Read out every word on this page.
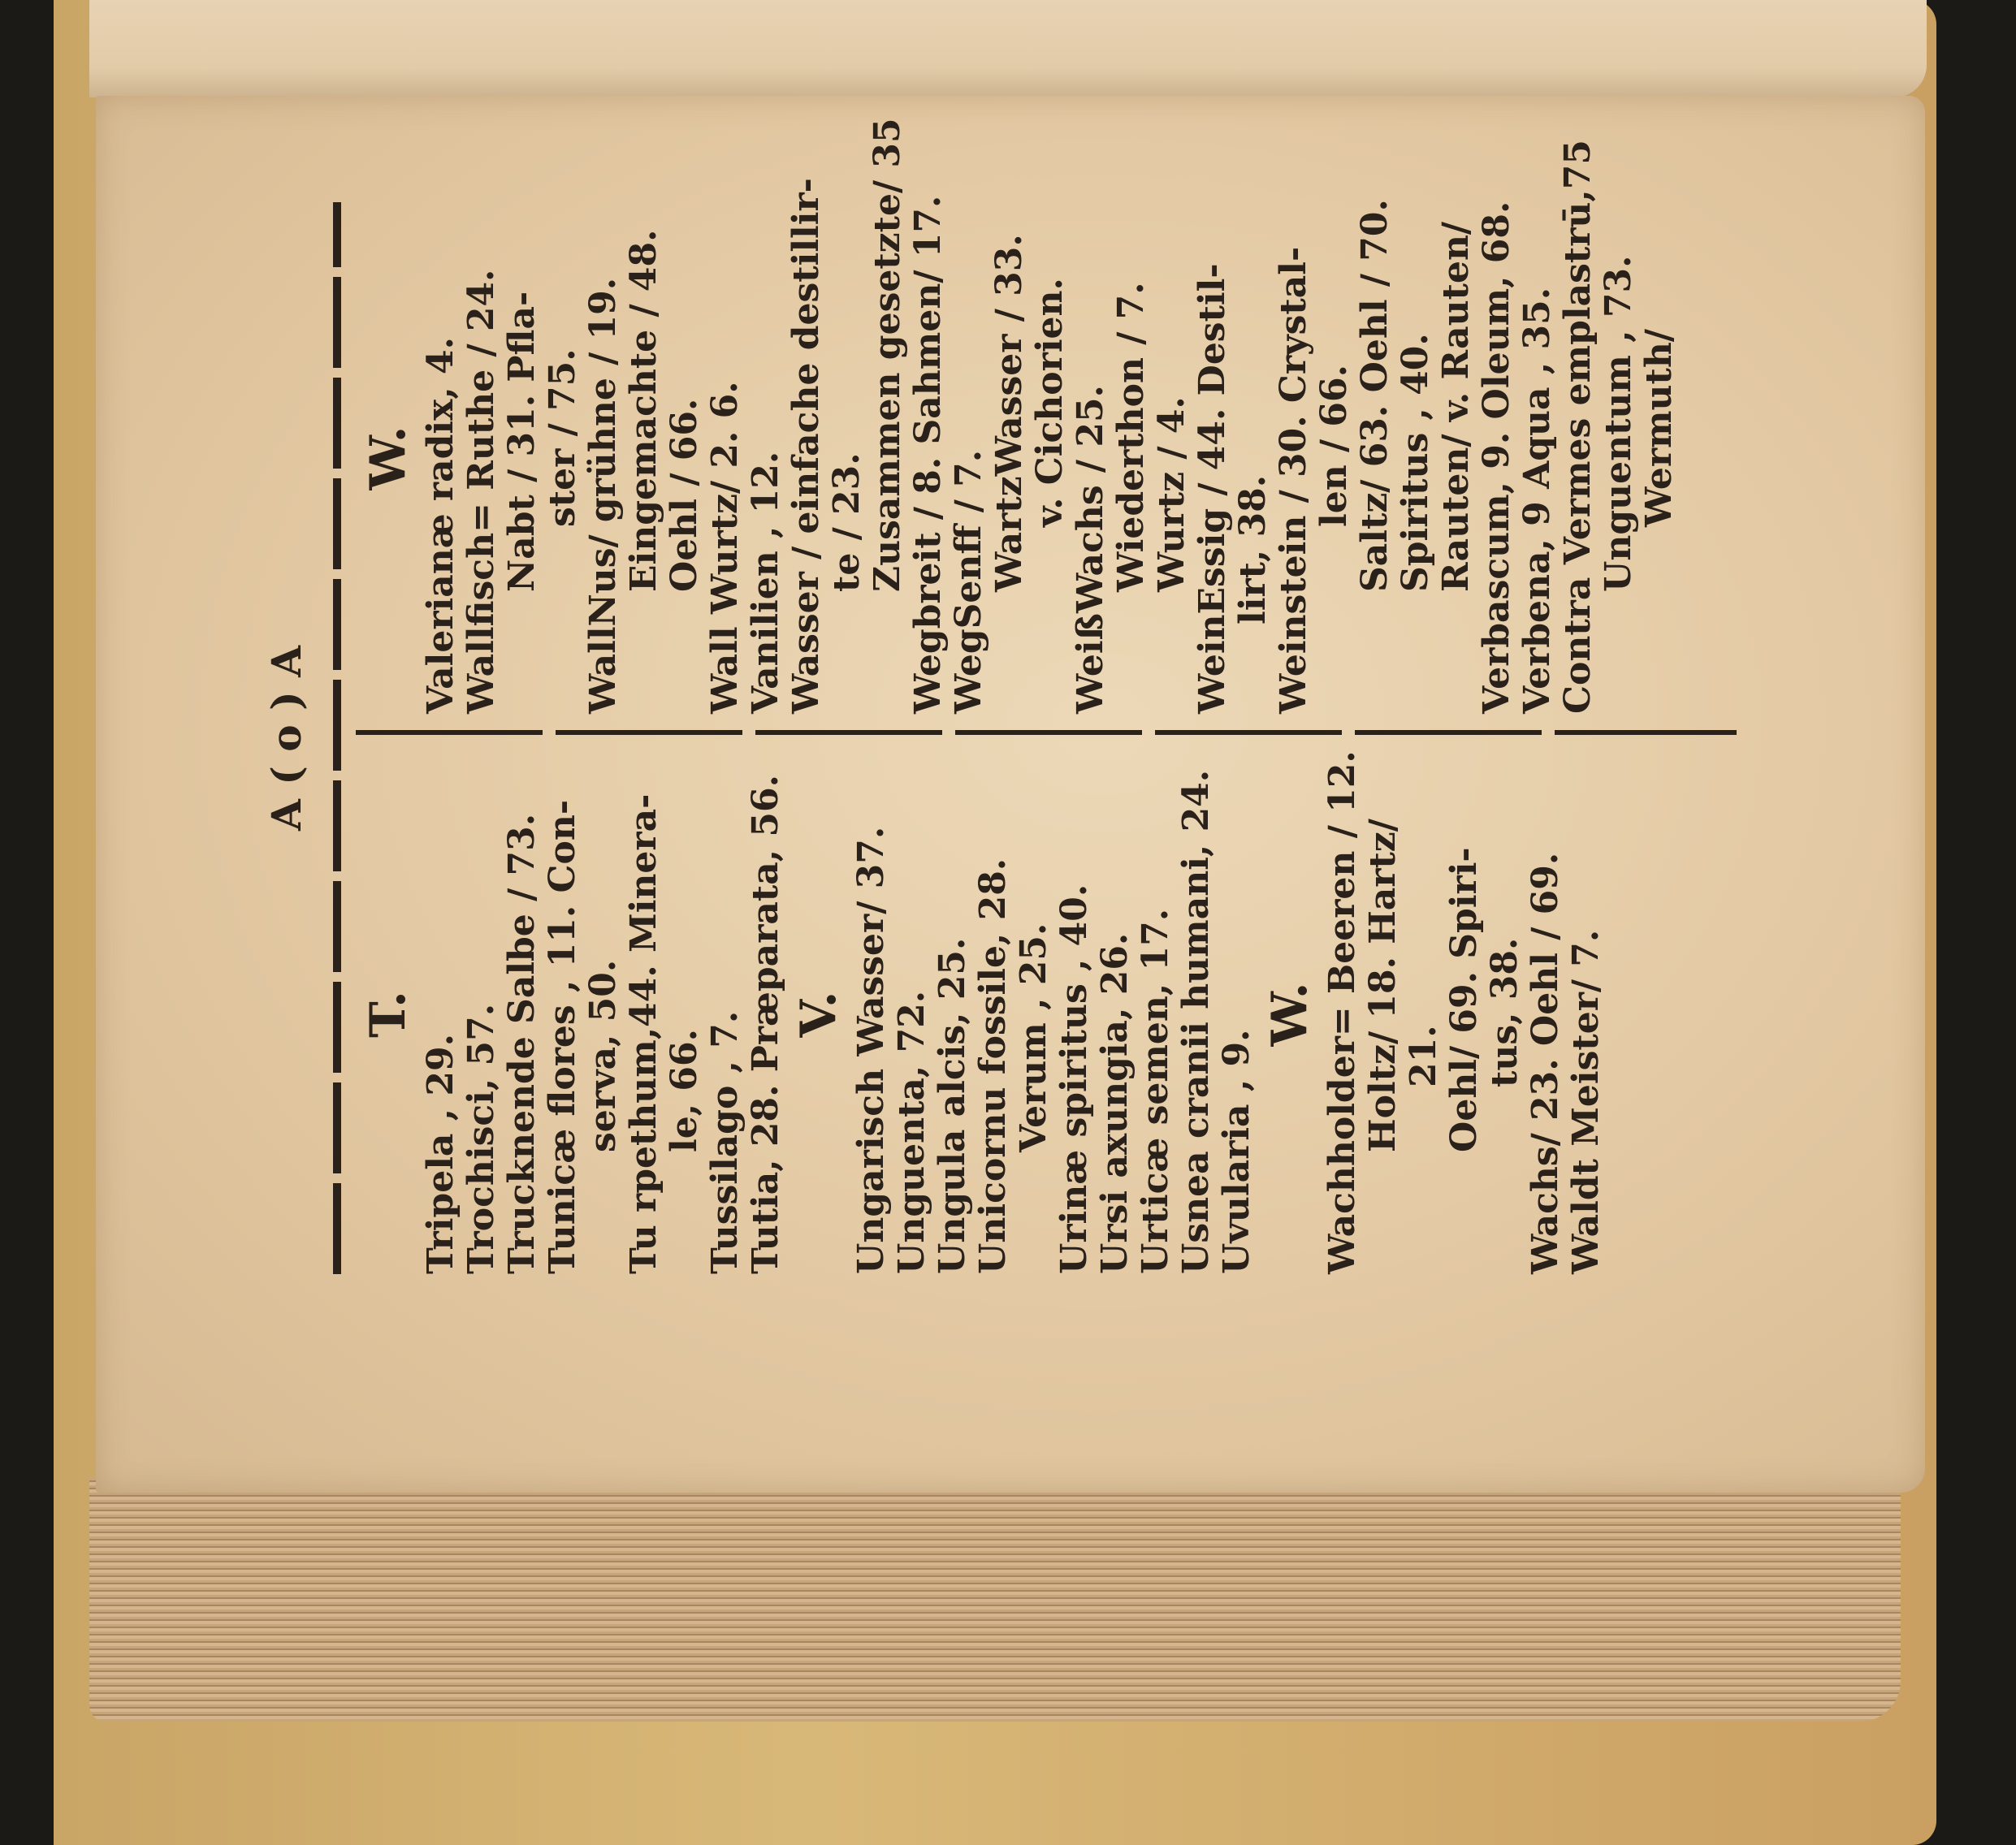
A ( o ) A
T.
Tripela , 29. Trochisci, 57. Trucknende Salbe / 73. Tunicæ flores , 11. Con- serva, 50. Tu rpethum,44. Minera- le, 66. Tussilago , 7. Tutia, 28. Præparata, 56. V. Ungarisch Wasser/ 37. Unguenta, 72. Ungula alcis, 25. Unicornu fossile, 28. Verum , 25. Urinæ spiritus , 40. Ursi axungia, 26. Urticæ semen, 17. Usnea cranii humani, 24. Uvularia , 9.
W. Wachholder= Beeren / 12. Holtz/ 18. Hartz/ 21. Oehl/ 69. Spiri- tus, 38. Wachs/ 23. Oehl / 69. Waldt Meister/ 7.
W. Valerianæ radix, 4. Wallfisch= Ruthe / 24. Nabt / 31. Pfla- ster / 75. WallNus/ grühne / 19. Eingemachte / 48. Oehl / 66. Wall Wurtz/ 2. 6. Vanilien , 12. Wasser / einfache destillir- te / 23. Zusammen gesetzte/ 35 Wegbreit / 8. Sahmen/ 17. WegSenff / 7. WartzWasser / 33. v. Cichorien. WeißWachs / 25. Wiederthon / 7. Wurtz / 4. WeinEssig / 44. Destil- lirt, 38. Weinstein / 30. Crystal- len / 66. Saltz/ 63. Oehl / 70. Spiritus , 40. Rauten/ v. Rauten/ Verbascum, 9. Oleum, 68. Verbena, 9 Aqua , 35. Contra Vermes emplastrū,75 Unguentum , 73. Wermuth/
